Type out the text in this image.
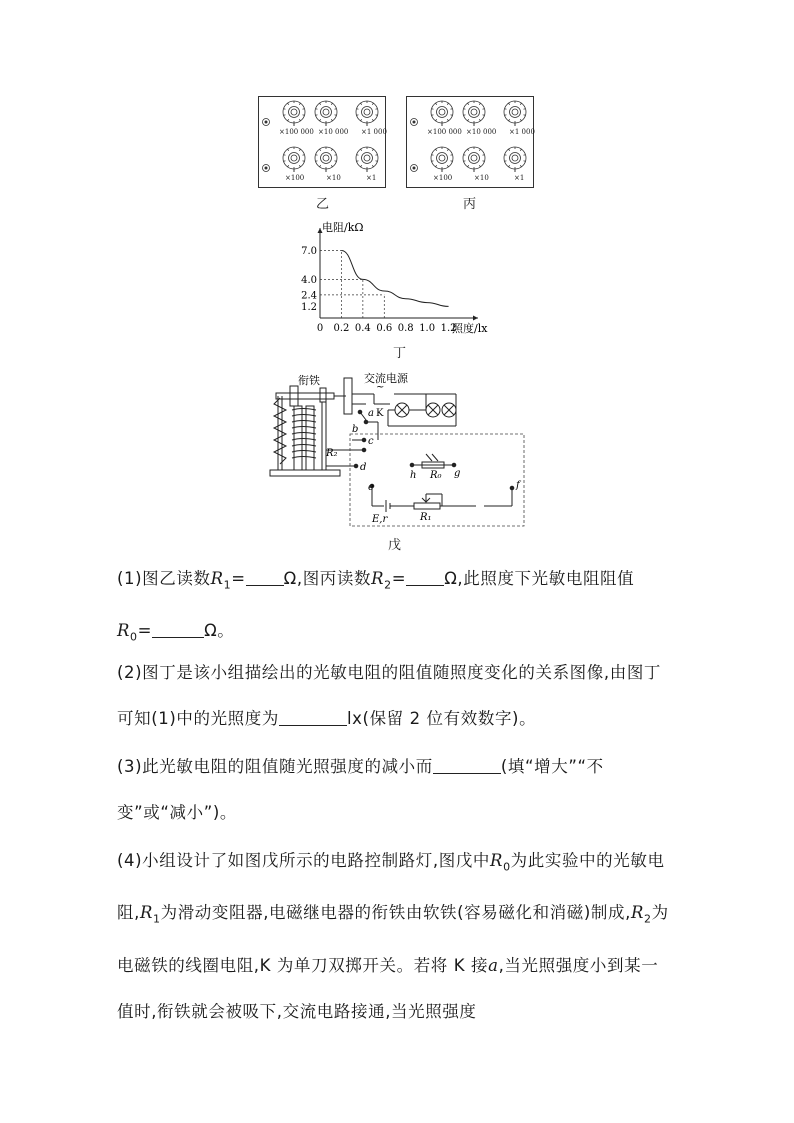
×100 000 ×10 000 ×1 000
×100	×10	×1
乙
×100 000 ×10 000 ×1 000
×100	×10	×1
丙
7.0
4.0
2.4
1.2
0 0.2 0.4 0.6 0.8 1.0 1.2
电阻/kΩ
照度/lx
丁
衔铁	交流电源
~
a K
b
c
d
R₂
h R₀ g
e	f
E,r	R₁
戊
(1)图乙读数$R_1= \Omega$,图丙读数$R_2= \Omega$,此照度下光敏电阻阻值
$R_0=$	Ω。
(2)图丁是该小组描绘出的光敏电阻的阻值随照度变化的关系图像,由图丁可知(1)中的光照度为	lx(保留 2 位有效数字)。
(3)此光敏电阻的阻值随光照强度的减小而	(填“增大”“不变”或“减小”)。
(4)小组设计了如图戊所示的电路控制路灯,图戊中$R_0$为此实验中的光敏电阻$,R_1$为滑动变阻器,电磁继电器的衔铁由软铁(容易磁化和消磁)制成$,R_2$为电磁铁的线圈电阻,K 为单刀双掷开关。若将 K 接a,当光照强度小到某一值时,衔铁就会被吸下,交流电路接通,当光照强度
